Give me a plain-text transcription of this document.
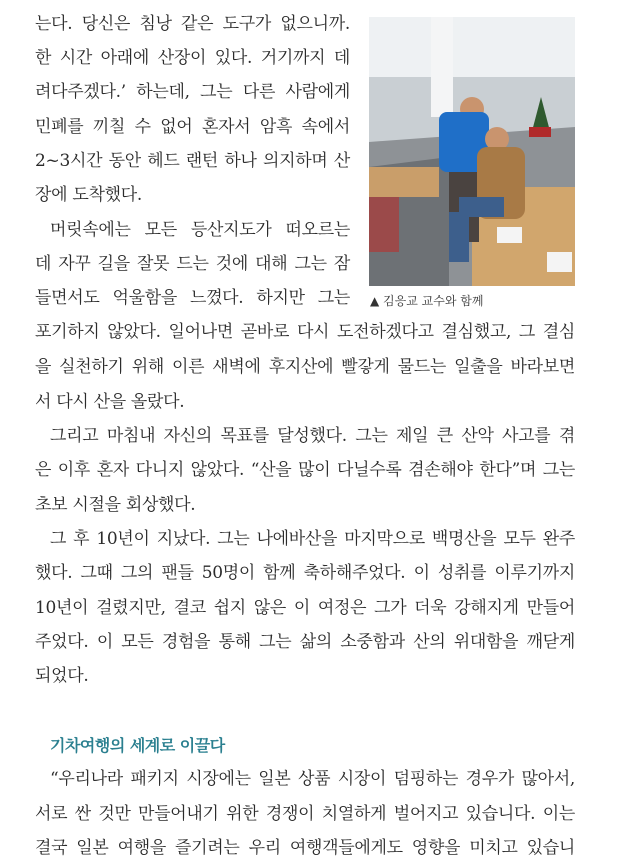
는다. 당신은 침낭 같은 도구가 없으니까.
한 시간 아래에 산장이 있다. 거기까지 데
려다주겠다.’ 하는데, 그는 다른 사람에게
민폐를 끼칠 수 없어 혼자서 암흑 속에서
2~3시간 동안 헤드 랜턴 하나 의지하며 산
장에 도착했다.
머릿속에는 모든 등산지도가 떠오르는
데 자꾸 길을 잘못 드는 것에 대해 그는 잠
들면서도 억울함을 느꼈다. 하지만 그는 ▲ 김응교 교수와 함께
포기하지 않았다. 일어나면 곧바로 다시 도전하겠다고 결심했고, 그 결심
을 실천하기 위해 이른 새벽에 후지산에 빨갛게 물드는 일출을 바라보면
서 다시 산을 올랐다.
그리고 마침내 자신의 목표를 달성했다. 그는 제일 큰 산악 사고를 겪
은 이후 혼자 다니지 않았다. “산을 많이 다닐수록 겸손해야 한다”며 그는
초보 시절을 회상했다.
그 후 10년이 지났다. 그는 나에바산을 마지막으로 백명산을 모두 완주
했다. 그때 그의 팬들 50명이 함께 축하해주었다. 이 성취를 이루기까지
10년이 걸렸지만, 결코 쉽지 않은 이 여정은 그가 더욱 강해지게 만들어
주었다. 이 모든 경험을 통해 그는 삶의 소중함과 산의 위대함을 깨닫게
되었다.
기차여행의 세계로 이끌다
“우리나라 패키지 시장에는 일본 상품 시장이 덤핑하는 경우가 많아서,
서로 싼 것만 만들어내기 위한 경쟁이 치열하게 벌어지고 있습니다. 이는
결국 일본 여행을 즐기려는 우리 여행객들에게도 영향을 미치고 있습니
